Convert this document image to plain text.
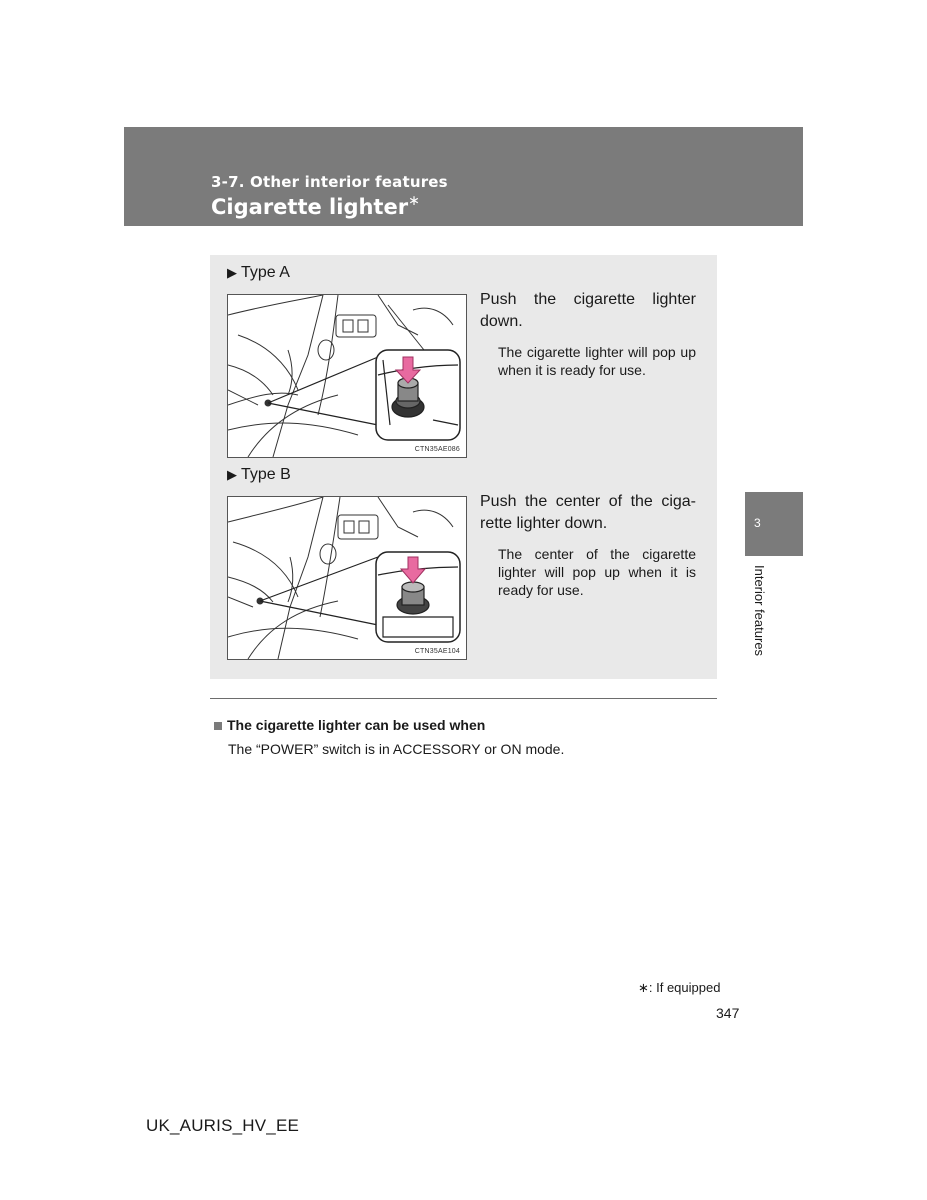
3-7. Other interior features
Cigarette lighter∗
▶ Type A
CTN35AE086
Push the cigarette lighter down.
The cigarette lighter will pop up when it is ready for use.
▶ Type B
CTN35AE104
Push the center of the ciga-rette lighter down.
The center of the cigarette lighter will pop up when it is ready for use.
The cigarette lighter can be used when
The “POWER” switch is in ACCESSORY or ON mode.
3
Interior features
∗: If equipped
347
UK_AURIS_HV_EE
